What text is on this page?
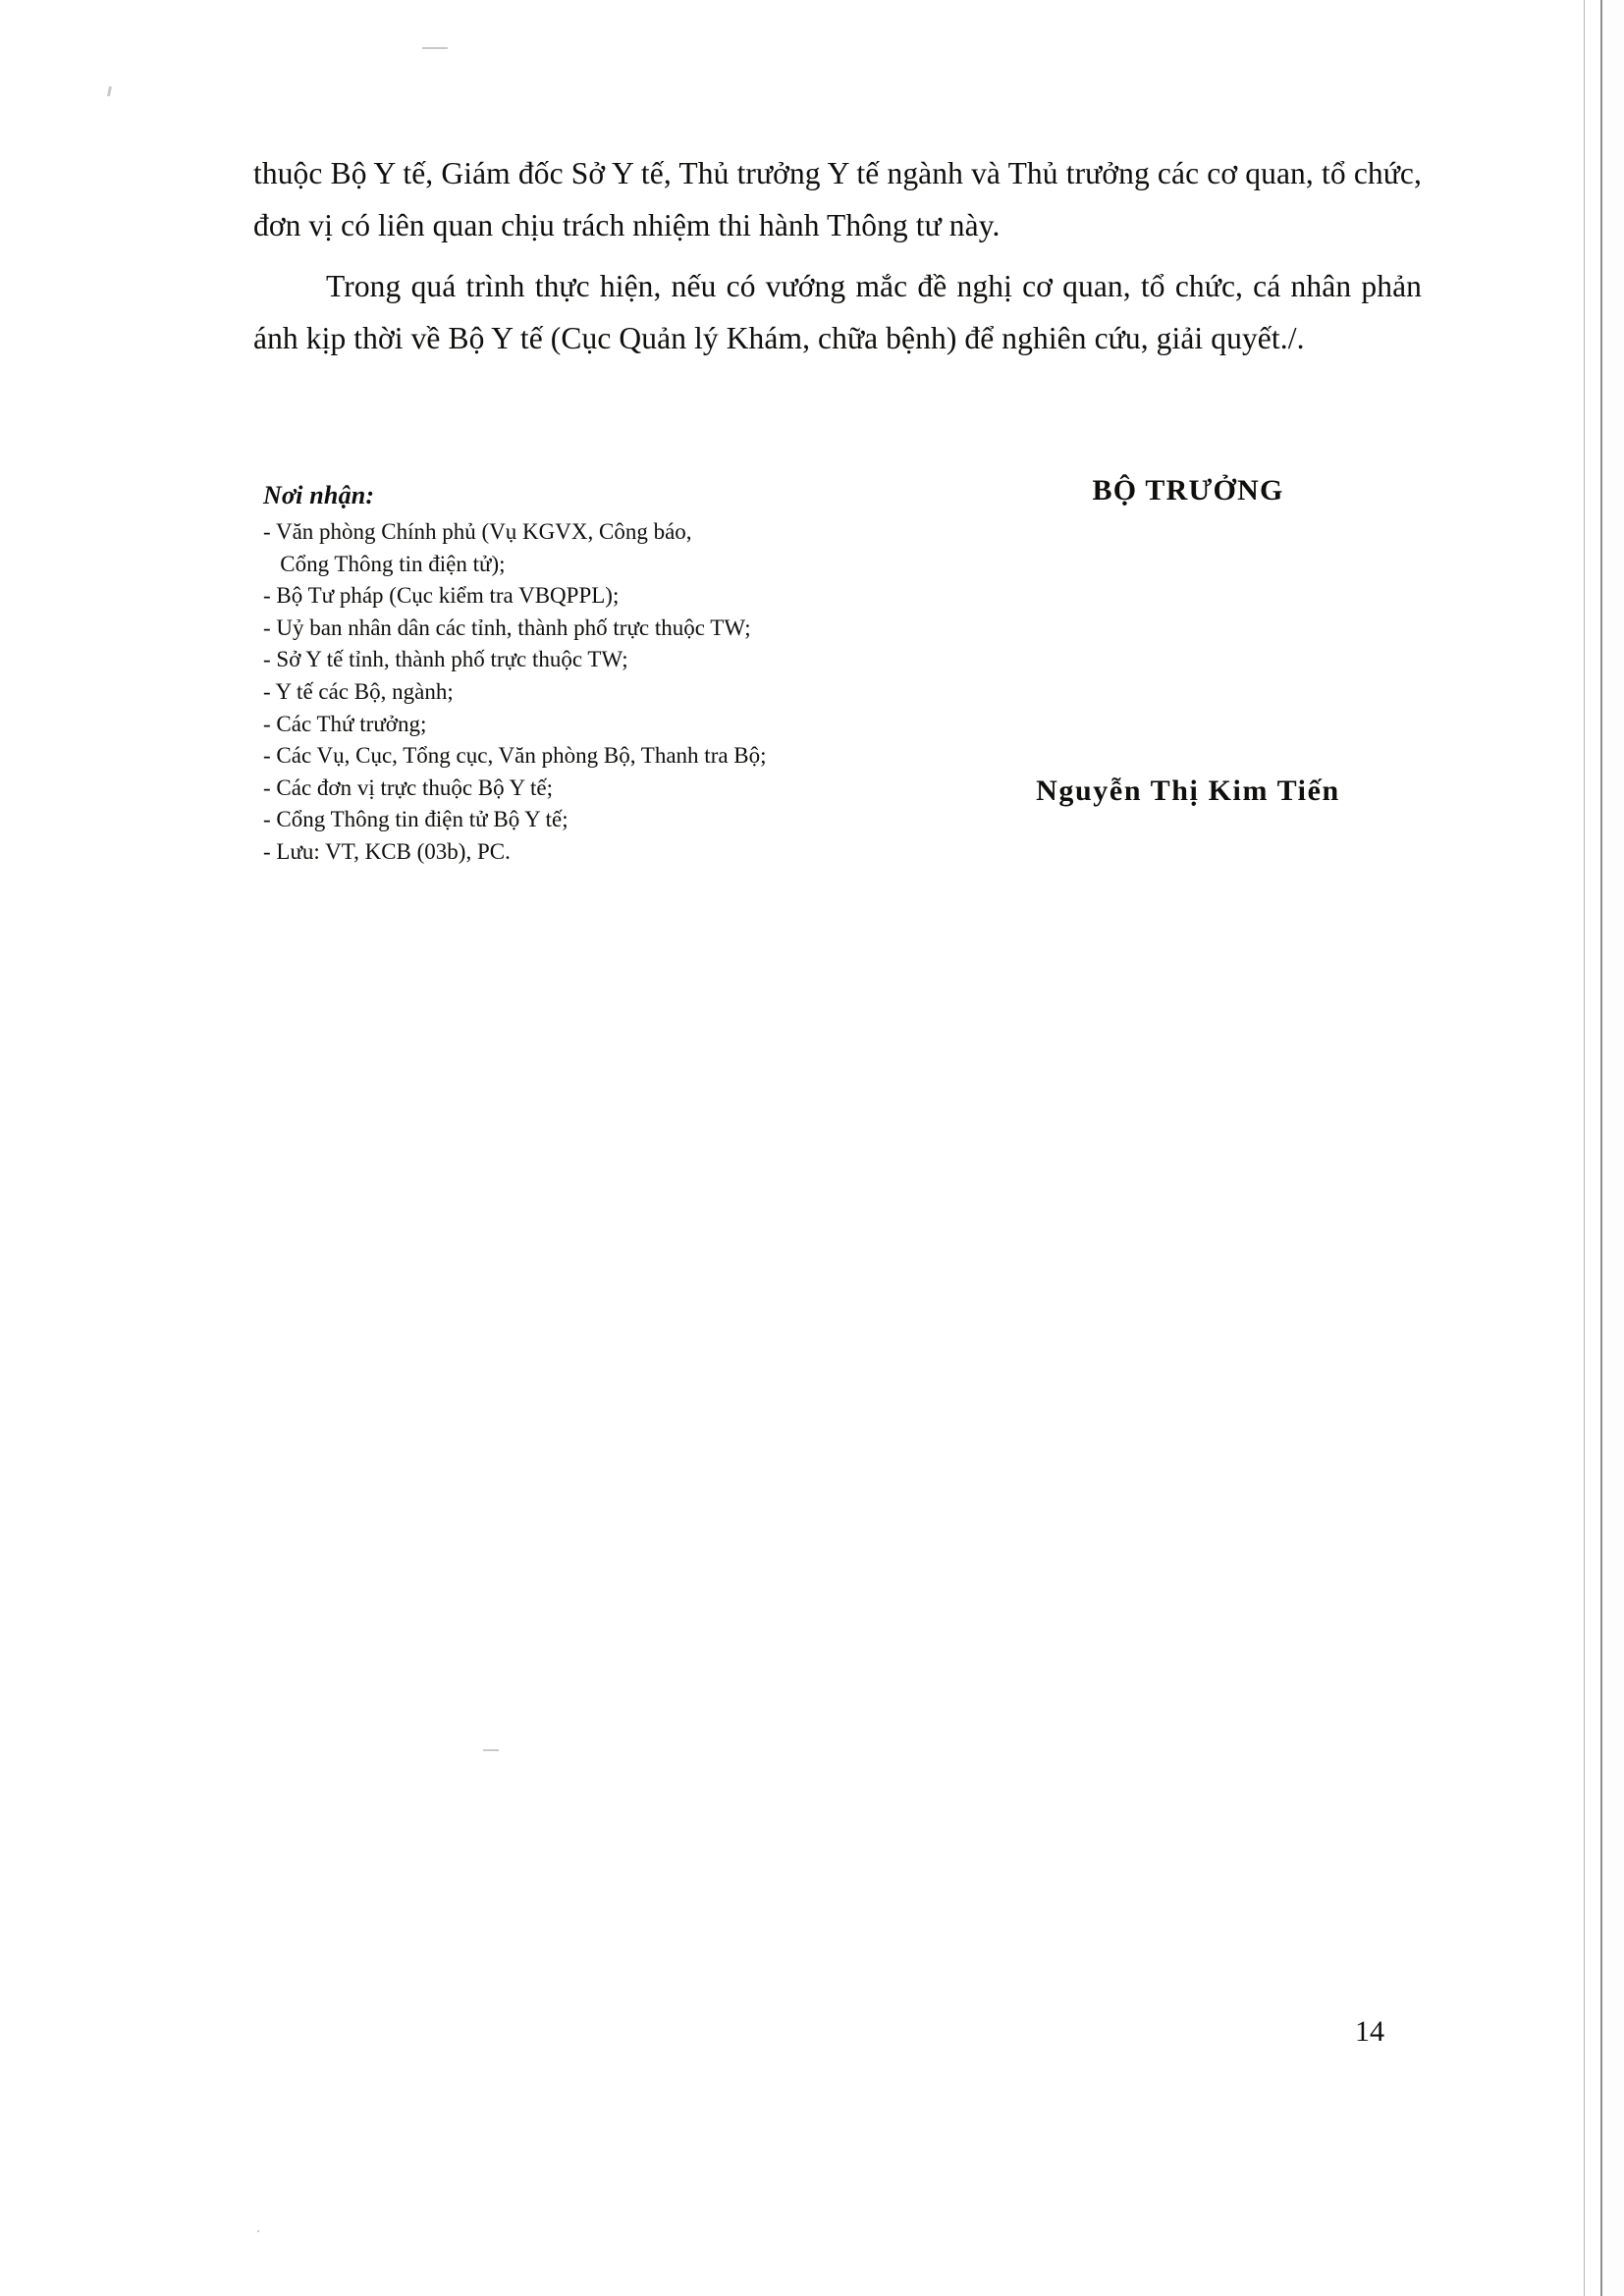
thuộc Bộ Y tế, Giám đốc Sở Y tế, Thủ trưởng Y tế ngành và Thủ trưởng các cơ quan, tổ chức, đơn vị có liên quan chịu trách nhiệm thi hành Thông tư này.

Trong quá trình thực hiện, nếu có vướng mắc đề nghị cơ quan, tổ chức, cá nhân phản ánh kịp thời về Bộ Y tế (Cục Quản lý Khám, chữa bệnh) để nghiên cứu, giải quyết./.

Nơi nhận:
- Văn phòng Chính phủ (Vụ KGVX, Công báo,
Cổng Thông tin điện tử);
- Bộ Tư pháp (Cục kiểm tra VBQPPL);
- Uỷ ban nhân dân các tỉnh, thành phố trực thuộc TW;
- Sở Y tế tỉnh, thành phố trực thuộc TW;
- Y tế các Bộ, ngành;
- Các Thứ trưởng;
- Các Vụ, Cục, Tổng cục, Văn phòng Bộ, Thanh tra Bộ;
- Các đơn vị trực thuộc Bộ Y tế;
- Cổng Thông tin điện tử Bộ Y tế;
- Lưu: VT, KCB (03b), PC.
BỘ TRƯỞNG
Nguyễn Thị Kim Tiến
14
